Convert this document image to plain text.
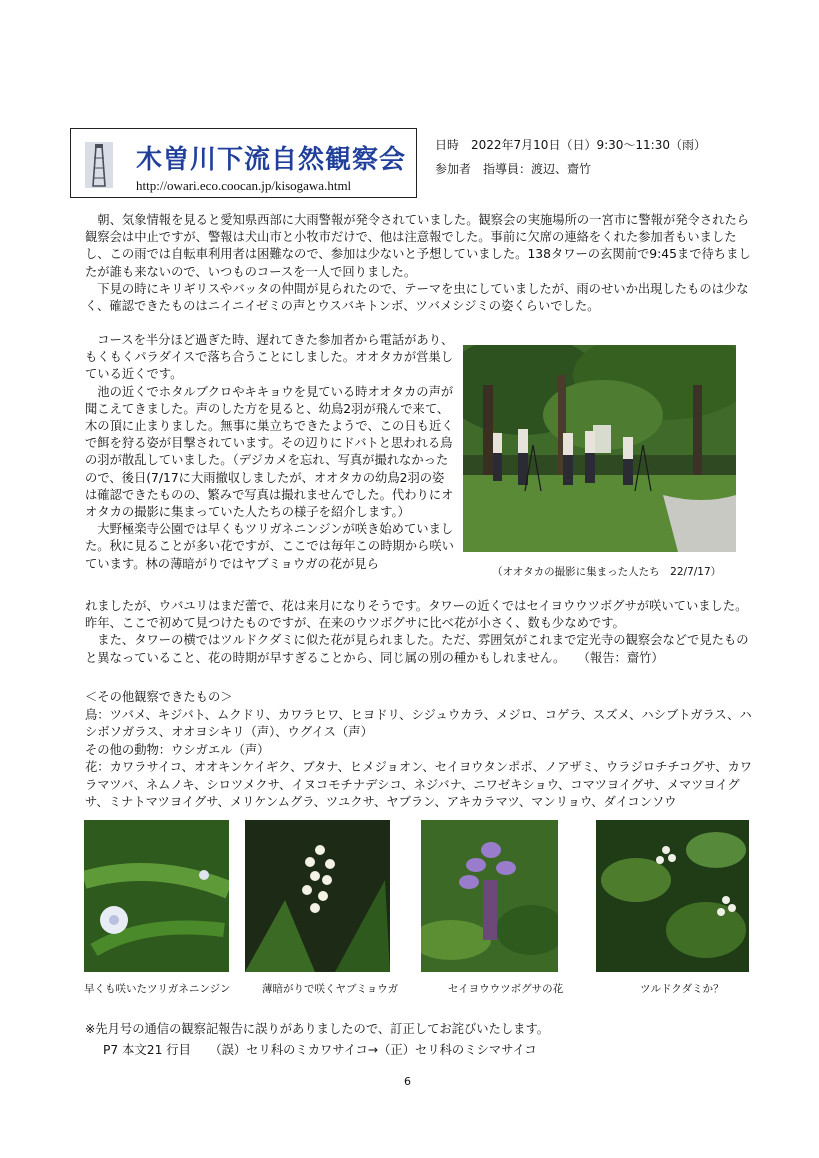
木曽川下流自然観察会
http://owari.eco.coocan.jp/kisogawa.html
日時　2022年7月10日（日）9:30～11:30（雨）
参加者　指導員：渡辺、齋竹

　朝、気象情報を見ると愛知県西部に大雨警報が発令されていました。観察会の実施場所の一宮市に警報が発令されたら観察会は中止ですが、警報は犬山市と小牧市だけで、他は注意報でした。事前に欠席の連絡をくれた参加者もいましたし、この雨では自転車利用者は困難なので、参加は少ないと予想していました。138タワーの玄関前で9:45まで待ちましたが誰も来ないので、いつものコースを一人で回りました。

　下見の時にキリギリスやバッタの仲間が見られたので、テーマを虫にしていましたが、雨のせいか出現したものは少なく、確認できたものはニイニイゼミの声とウスバキトンボ、ツバメシジミの姿くらいでした。

　コースを半分ほど過ぎた時、遅れてきた参加者から電話があり、もくもくパラダイスで落ち合うことにしました。オオタカが営巣している近くです。

　池の近くでホタルブクロやキキョウを見ている時オオタカの声が聞こえてきました。声のした方を見ると、幼鳥2羽が飛んで来て、木の頂に止まりました。無事に巣立ちできたようで、この日も近くで餌を狩る姿が目撃されています。その辺りにドバトと思われる鳥の羽が散乱していました。（デジカメを忘れ、写真が撮れなかったので、後日(7/17に大雨撤収しましたが、オオタカの幼鳥2羽の姿は確認できたものの、繁みで写真は撮れませんでした。代わりにオオタカの撮影に集まっていた人たちの様子を紹介します。）

　大野極楽寺公園では早くもツリガネニンジンが咲き始めていました。秋に見ることが多い花ですが、ここでは毎年この時期から咲いています。林の薄暗がりではヤブミョウガの花が見ら

（オオタカの撮影に集まった人たち　22/7/17）

れましたが、ウバユリはまだ蕾で、花は来月になりそうです。タワーの近くではセイヨウウツボグサが咲いていました。昨年、ここで初めて見つけたものですが、在来のウツボグサに比べ花が小さく、数も少なめです。

　また、タワーの横ではツルドクダミに似た花が見られました。ただ、雰囲気がこれまで定光寺の観察会などで見たものと異なっていること、花の時期が早すぎることから、同じ属の別の種かもしれません。　　（報告：齋竹）

＜その他観察できたもの＞

鳥：ツバメ、キジバト、ムクドリ、カワラヒワ、ヒヨドリ、シジュウカラ、メジロ、コゲラ、スズメ、ハシブトガラス、ハシボソガラス、オオヨシキリ（声）、ウグイス（声）

その他の動物：ウシガエル（声）

花：カワラサイコ、オオキンケイギク、ブタナ、ヒメジョオン、セイヨウタンポポ、ノアザミ、ウラジロチチコグサ、カワラマツバ、ネムノキ、シロツメクサ、イヌコモチナデシコ、ネジバナ、ニワゼキショウ、コマツヨイグサ、メマツヨイグサ、ミナトマツヨイグサ、メリケンムグラ、ツユクサ、ヤブラン、アキカラマツ、マンリョウ、ダイコンソウ

早くも咲いたツリガネニンジン	薄暗がりで咲くヤブミョウガ	セイヨウウツボグサの花	ツルドクダミか？
※先月号の通信の観察記報告に誤りがありましたので、訂正してお詫びいたします。
P7 本文21 行目　　（誤）セリ科のミカワサイコ→（正）セリ科のミシマサイコ
6
